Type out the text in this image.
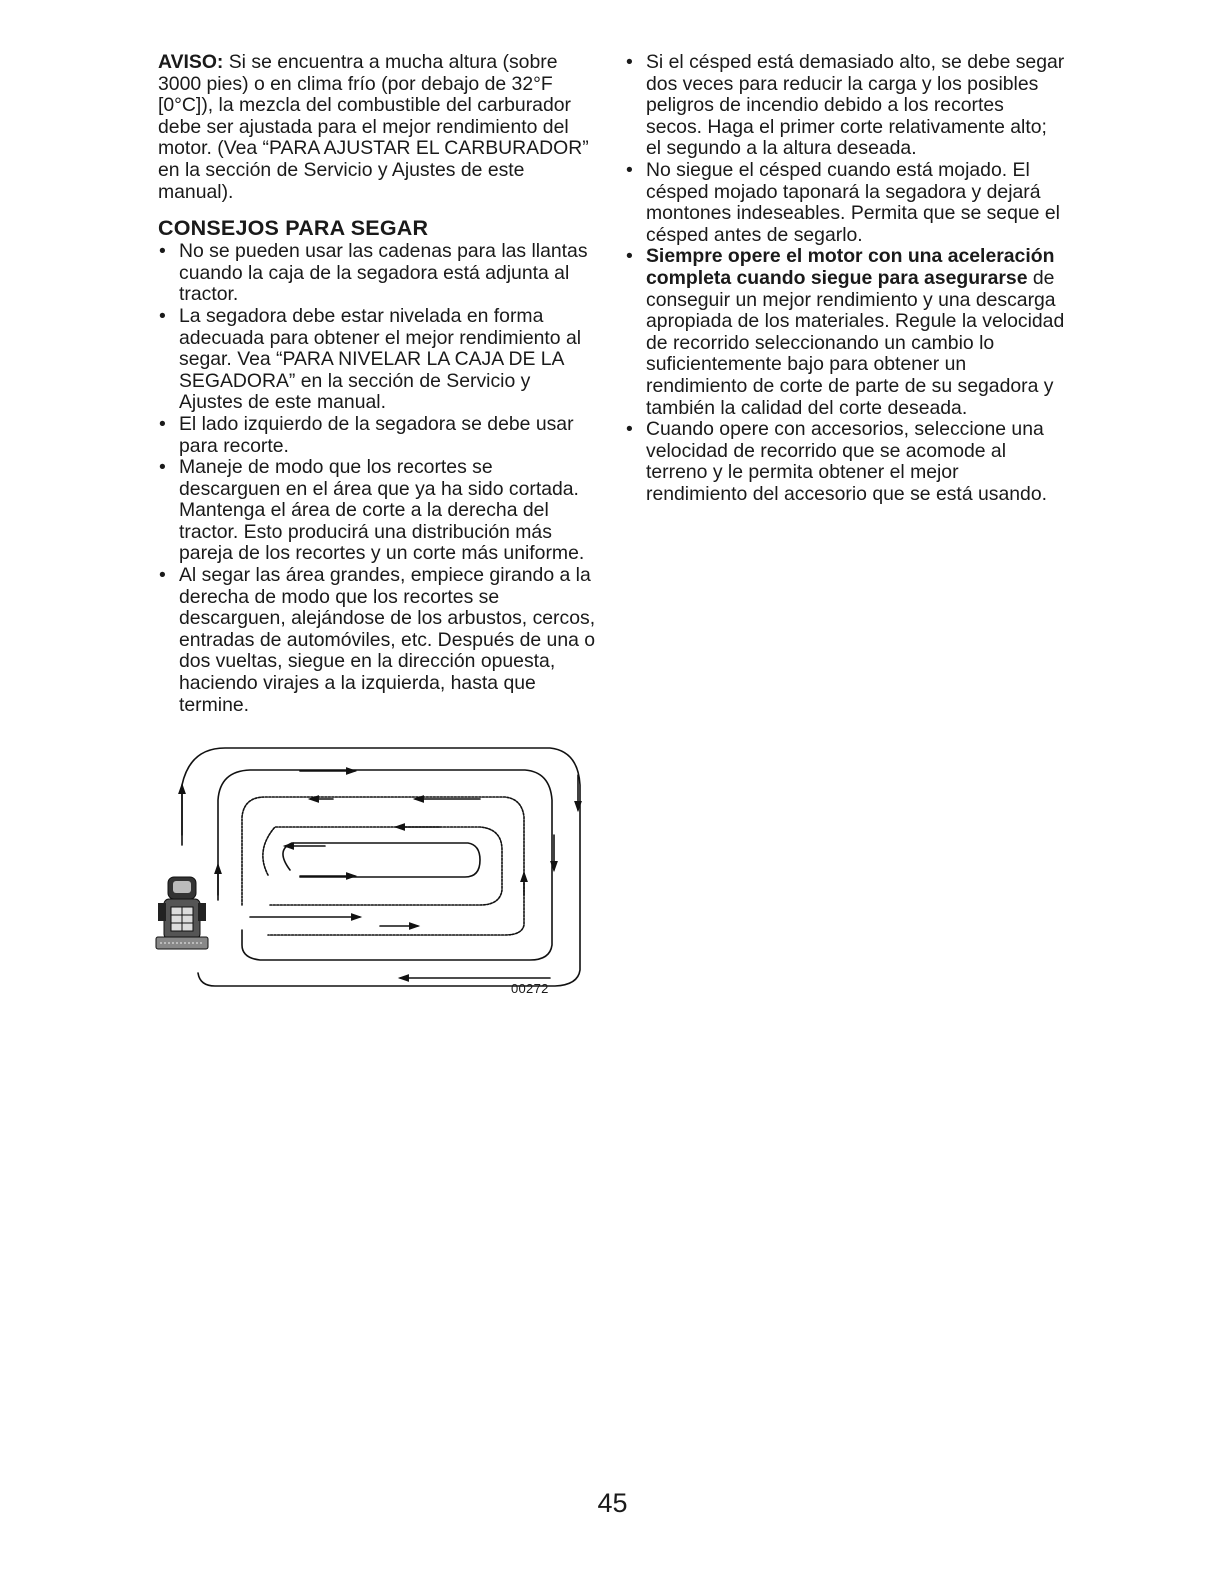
AVISO: Si se encuentra a mucha altura (sobre 3000 pies) o en clima frío (por debajo de 32°F [0°C]), la mezcla del combustible del carburador debe ser ajustada para el mejor rendimiento del motor. (Vea “PARA AJUSTAR EL CARBURADOR” en la sección de Servicio y Ajustes de este manual).

CONSEJOS PARA SEGAR
• No se pueden usar las cadenas para las llantas cuando la caja de la segadora está adjunta al tractor.
• La segadora debe estar nivelada en forma adecuada para obtener el mejor rendimiento al segar. Vea “PARA NIVELAR LA CAJA DE LA SEGADORA” en la sección de Servicio y Ajustes de este manual.
• El lado izquierdo de la segadora se debe usar para recorte.
• Maneje de modo que los recortes se descarguen en el área que ya ha sido cortada. Mantenga el área de corte a la derecha del tractor. Esto producirá una distribución más pareja de los recortes y un corte más uniforme.
• Al segar las área grandes, empiece girando a la derecha de modo que los recortes se descarguen, alejándose de los arbustos, cercos, entradas de automóviles, etc. Después de una o dos vueltas, siegue en la dirección opuesta, haciendo virajes a la izquierda, hasta que termine.
00272
• Si el césped está demasiado alto, se debe segar dos veces para reducir la carga y los posibles peligros de incendio debido a los recortes secos. Haga el primer corte relativamente alto; el segundo a la altura deseada.
• No siegue el césped cuando está mojado. El césped mojado taponará la segadora y dejará montones indeseables. Permita que se seque el césped antes de segarlo.
• Siempre opere el motor con una aceleración completa cuando siegue para asegurarse de conseguir un mejor rendimiento y una descarga apropiada de los materiales. Regule la velocidad de recorrido seleccionando un cambio lo suficientemente bajo para obtener un rendimiento de corte de parte de su segadora y también la calidad del corte deseada.
• Cuando opere con accesorios, seleccione una velocidad de recorrido que se acomode al terreno y le permita obtener el mejor rendimiento del accesorio que se está usando.
45
